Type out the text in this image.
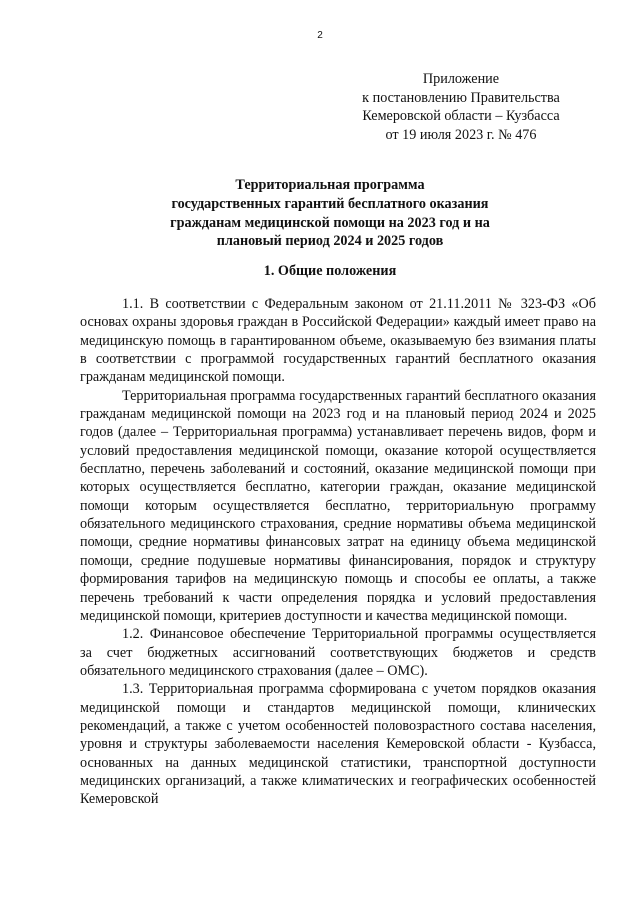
2
Приложение
к постановлению Правительства
Кемеровской области – Кузбасса
от 19 июля 2023 г. № 476
Территориальная программа
государственных гарантий бесплатного оказания
гражданам медицинской помощи на 2023 год и на
плановый период 2024 и 2025 годов
1. Общие положения

1.1. В соответствии с Федеральным законом от 21.11.2011 № 323-ФЗ «Об основах охраны здоровья граждан в Российской Федерации» каждый имеет право на медицинскую помощь в гарантированном объеме, оказываемую без взимания платы в соответствии с программой государственных гарантий бесплатного оказания гражданам медицинской помощи.

Территориальная программа государственных гарантий бесплатного оказания гражданам медицинской помощи на 2023 год и на плановый период 2024 и 2025 годов (далее – Территориальная программа) устанавливает перечень видов, форм и условий предоставления медицинской помощи, оказание которой осуществляется бесплатно, перечень заболеваний и состояний, оказание медицинской помощи при которых осуществляется бесплатно, категории граждан, оказание медицинской помощи которым осуществляется бесплатно, территориальную программу обязательного медицинского страхования, средние нормативы объема медицинской помощи, средние нормативы финансовых затрат на единицу объема медицинской помощи, средние подушевые нормативы финансирования, порядок и структуру формирования тарифов на медицинскую помощь и способы ее оплаты, а также перечень требований к части определения порядка и условий предоставления медицинской помощи, критериев доступности и качества медицинской помощи.

1.2. Финансовое обеспечение Территориальной программы осуществляется за счет бюджетных ассигнований соответствующих бюджетов и средств обязательного медицинского страхования (далее – ОМС).

1.3. Территориальная программа сформирована с учетом порядков оказания медицинской помощи и стандартов медицинской помощи, клинических рекомендаций, а также с учетом особенностей половозрастного состава населения, уровня и структуры заболеваемости населения Кемеровской области - Кузбасса, основанных на данных медицинской статистики, транспортной доступности медицинских организаций, а также климатических и географических особенностей Кемеровской
